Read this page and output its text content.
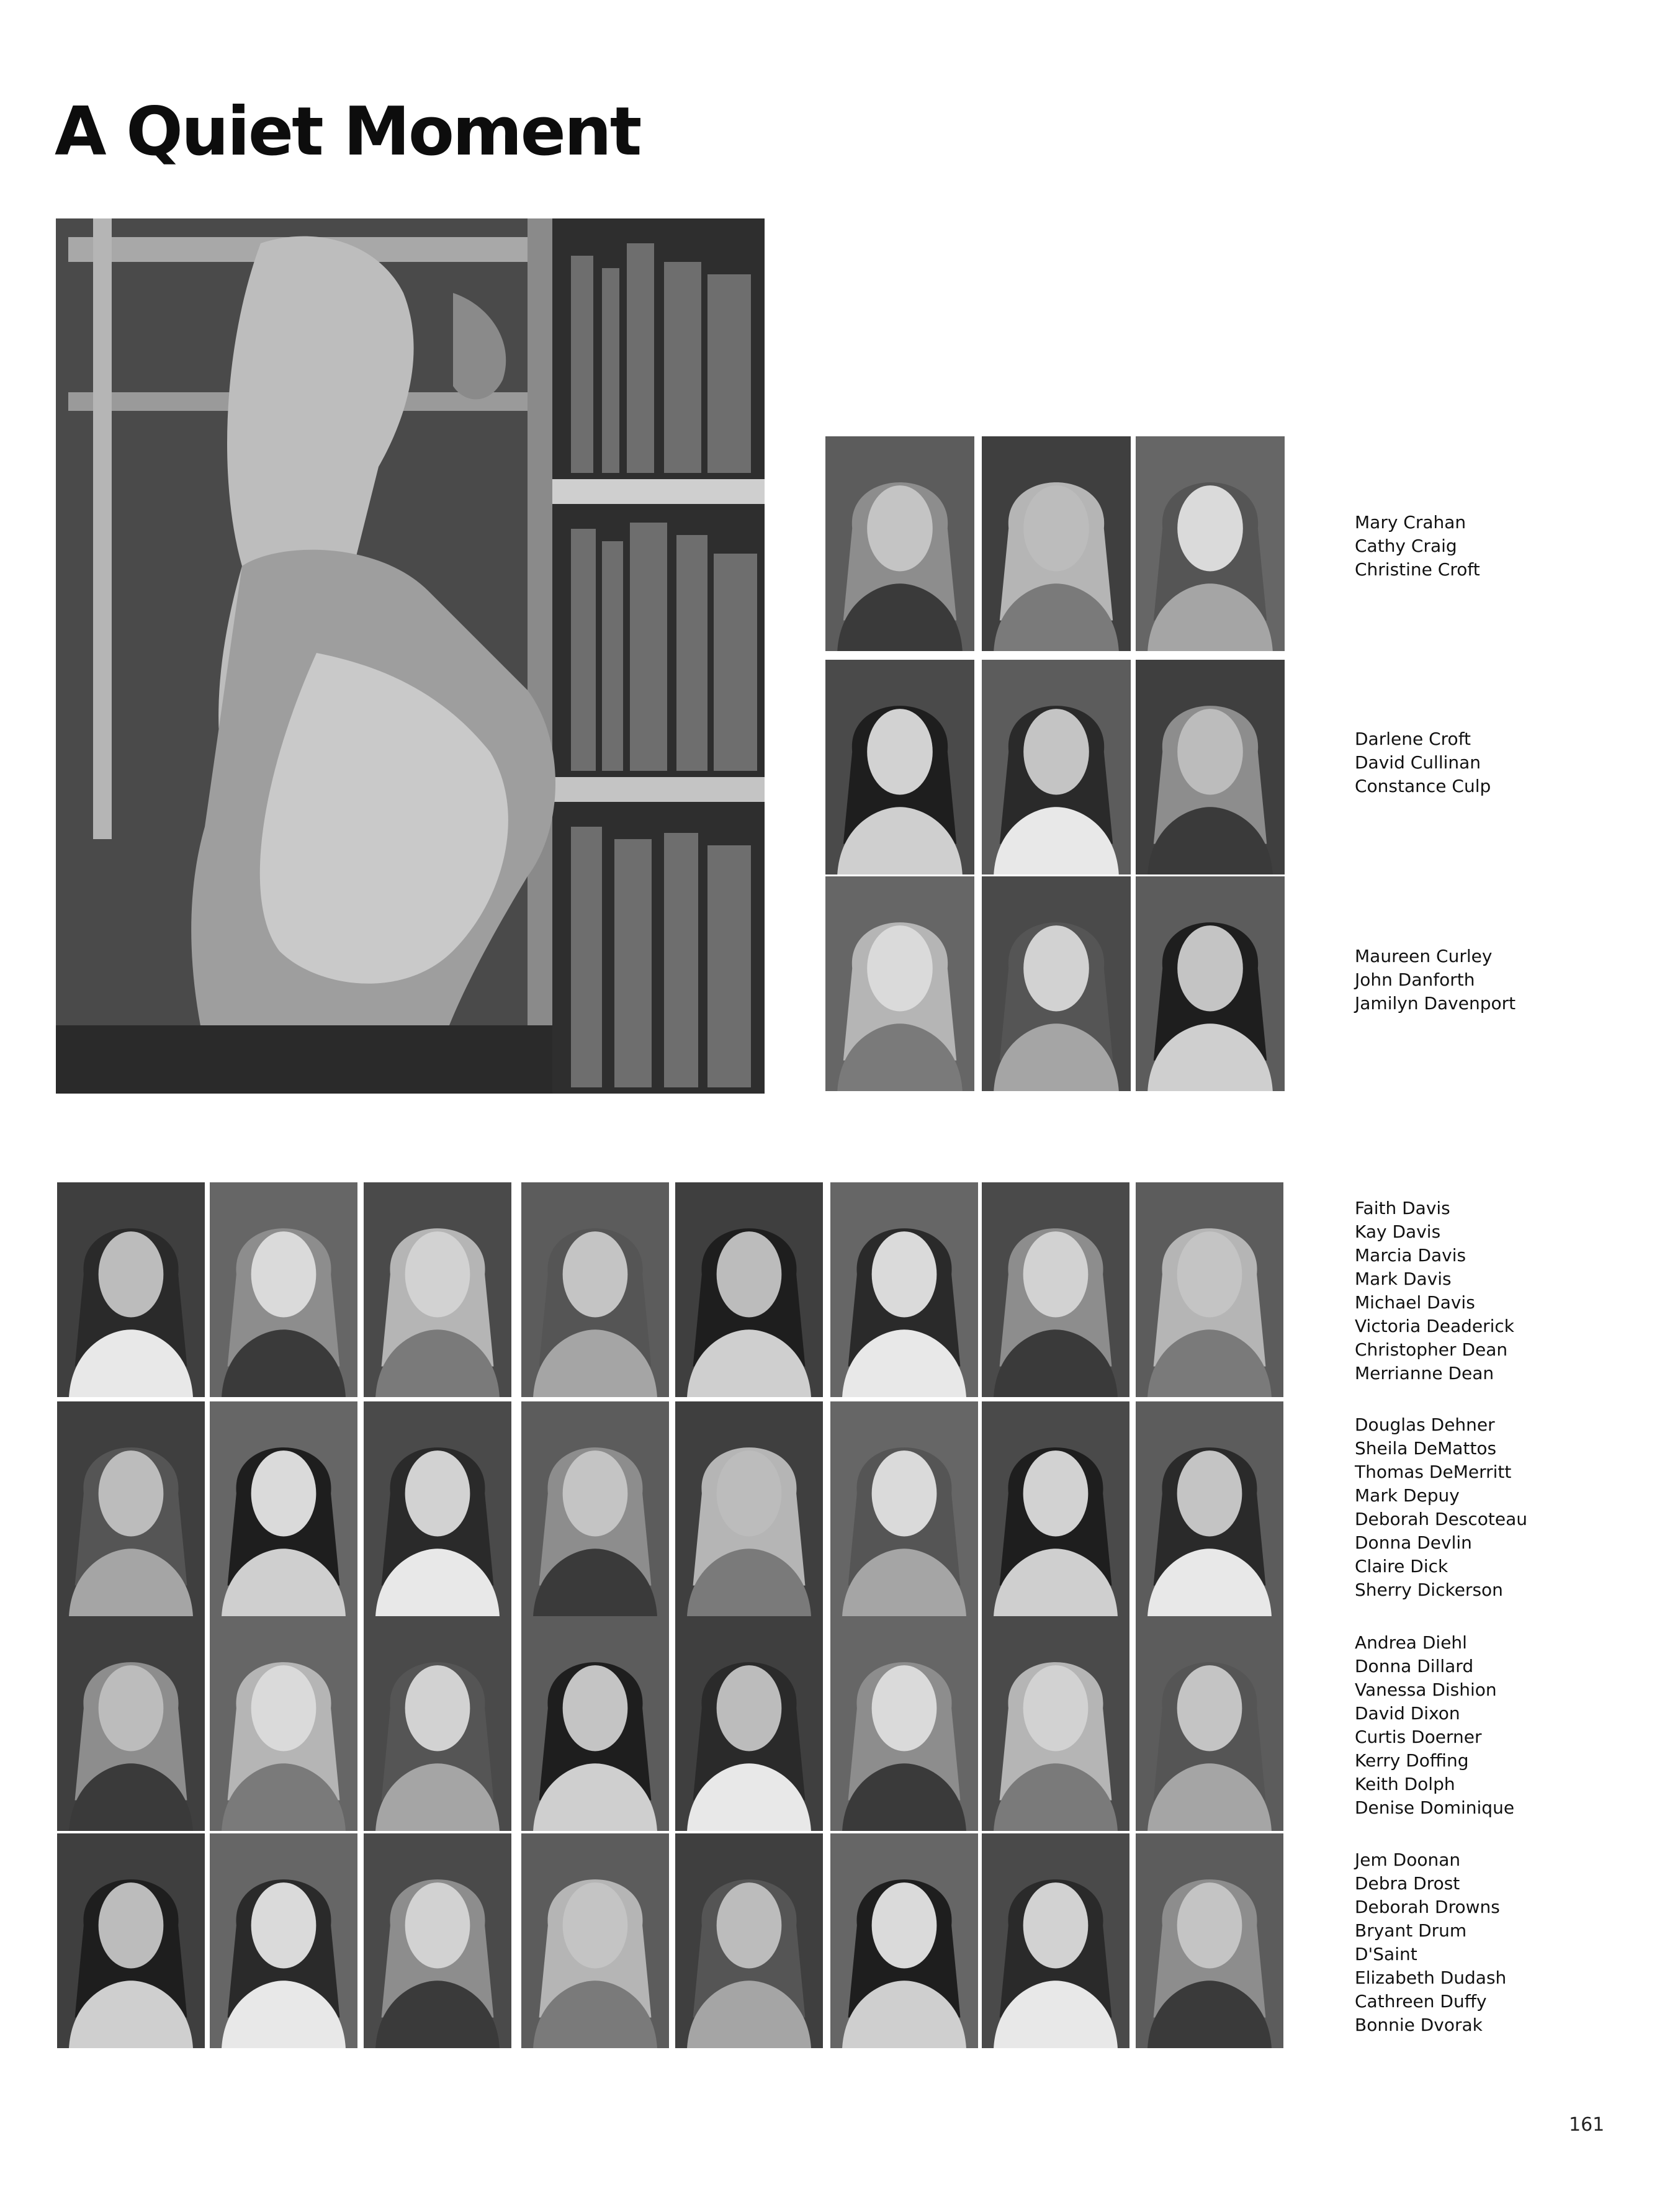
A Quiet Moment
Mary Crahan
Cathy Craig
Christine Croft
Darlene Croft
David Cullinan
Constance Culp
Maureen Curley
John Danforth
Jamilyn Davenport
Faith Davis
Kay Davis
Marcia Davis
Mark Davis
Michael Davis
Victoria Deaderick
Christopher Dean
Merrianne Dean
Douglas Dehner
Sheila DeMattos
Thomas DeMerritt
Mark Depuy
Deborah Descoteau
Donna Devlin
Claire Dick
Sherry Dickerson
Andrea Diehl
Donna Dillard
Vanessa Dishion
David Dixon
Curtis Doerner
Kerry Doffing
Keith Dolph
Denise Dominique
Jem Doonan
Debra Drost
Deborah Drowns
Bryant Drum
D'Saint
Elizabeth Dudash
Cathreen Duffy
Bonnie Dvorak
161
